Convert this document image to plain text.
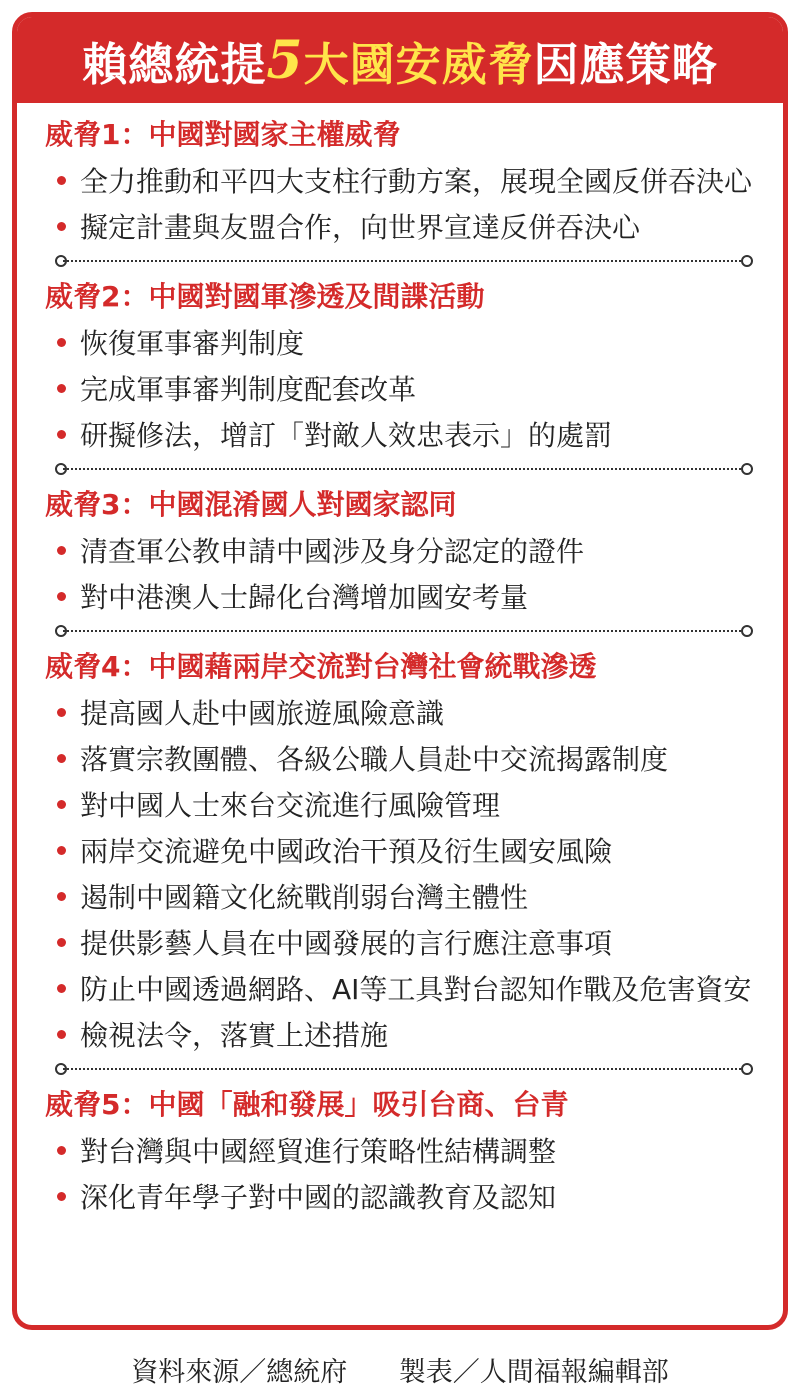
賴總統提 5 大國安威脅 因應策略
威脅1：中國對國家主權威脅
全力推動和平四大支柱行動方案，展現全國反併吞決心
擬定計畫與友盟合作，向世界宣達反併吞決心
威脅2：中國對國軍滲透及間諜活動
恢復軍事審判制度
完成軍事審判制度配套改革
研擬修法，增訂「對敵人效忠表示」的處罰
威脅3：中國混淆國人對國家認同
清查軍公教申請中國涉及身分認定的證件
對中港澳人士歸化台灣增加國安考量
威脅4：中國藉兩岸交流對台灣社會統戰滲透
提高國人赴中國旅遊風險意識
落實宗教團體、各級公職人員赴中交流揭露制度
對中國人士來台交流進行風險管理
兩岸交流避免中國政治干預及衍生國安風險
遏制中國籍文化統戰削弱台灣主體性
提供影藝人員在中國發展的言行應注意事項
防止中國透過網路、AI等工具對台認知作戰及危害資安
檢視法令，落實上述措施
威脅5：中國「融和發展」吸引台商、台青
對台灣與中國經貿進行策略性結構調整
深化青年學子對中國的認識教育及認知
資料來源／總統府 製表／人間福報編輯部
